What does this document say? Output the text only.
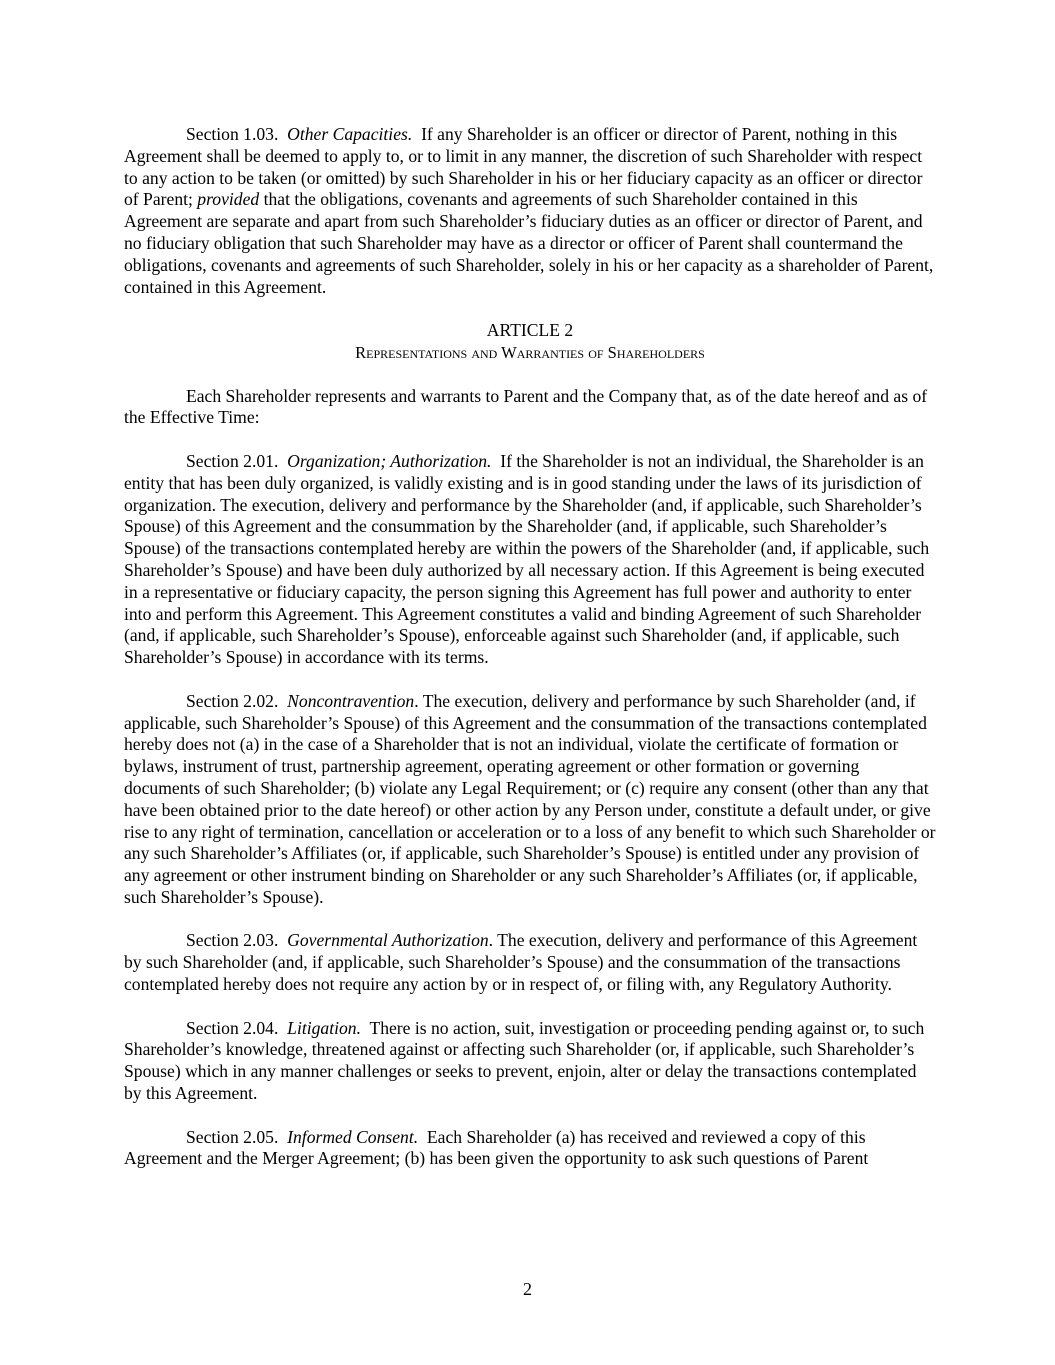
Section 1.03. Other Capacities. If any Shareholder is an officer or director of Parent, nothing in this Agreement shall be deemed to apply to, or to limit in any manner, the discretion of such Shareholder with respect to any action to be taken (or omitted) by such Shareholder in his or her fiduciary capacity as an officer or director of Parent; provided that the obligations, covenants and agreements of such Shareholder contained in this Agreement are separate and apart from such Shareholder’s fiduciary duties as an officer or director of Parent, and no fiduciary obligation that such Shareholder may have as a director or officer of Parent shall countermand the obligations, covenants and agreements of such Shareholder, solely in his or her capacity as a shareholder of Parent, contained in this Agreement.

ARTICLE 2

Representations and Warranties of Shareholders

Each Shareholder represents and warrants to Parent and the Company that, as of the date hereof and as of the Effective Time:

Section 2.01. Organization; Authorization. If the Shareholder is not an individual, the Shareholder is an entity that has been duly organized, is validly existing and is in good standing under the laws of its jurisdiction of organization. The execution, delivery and performance by the Shareholder (and, if applicable, such Shareholder’s Spouse) of this Agreement and the consummation by the Shareholder (and, if applicable, such Shareholder’s Spouse) of the transactions contemplated hereby are within the powers of the Shareholder (and, if applicable, such Shareholder’s Spouse) and have been duly authorized by all necessary action. If this Agreement is being executed in a representative or fiduciary capacity, the person signing this Agreement has full power and authority to enter into and perform this Agreement. This Agreement constitutes a valid and binding Agreement of such Shareholder (and, if applicable, such Shareholder’s Spouse), enforceable against such Shareholder (and, if applicable, such Shareholder’s Spouse) in accordance with its terms.

Section 2.02. Noncontravention. The execution, delivery and performance by such Shareholder (and, if applicable, such Shareholder’s Spouse) of this Agreement and the consummation of the transactions contemplated hereby does not (a) in the case of a Shareholder that is not an individual, violate the certificate of formation or bylaws, instrument of trust, partnership agreement, operating agreement or other formation or governing documents of such Shareholder; (b) violate any Legal Requirement; or (c) require any consent (other than any that have been obtained prior to the date hereof) or other action by any Person under, constitute a default under, or give rise to any right of termination, cancellation or acceleration or to a loss of any benefit to which such Shareholder or any such Shareholder’s Affiliates (or, if applicable, such Shareholder’s Spouse) is entitled under any provision of any agreement or other instrument binding on Shareholder or any such Shareholder’s Affiliates (or, if applicable, such Shareholder’s Spouse).

Section 2.03. Governmental Authorization. The execution, delivery and performance of this Agreement by such Shareholder (and, if applicable, such Shareholder’s Spouse) and the consummation of the transactions contemplated hereby does not require any action by or in respect of, or filing with, any Regulatory Authority.

Section 2.04. Litigation. There is no action, suit, investigation or proceeding pending against or, to such Shareholder’s knowledge, threatened against or affecting such Shareholder (or, if applicable, such Shareholder’s Spouse) which in any manner challenges or seeks to prevent, enjoin, alter or delay the transactions contemplated by this Agreement.

Section 2.05. Informed Consent. Each Shareholder (a) has received and reviewed a copy of this Agreement and the Merger Agreement; (b) has been given the opportunity to ask such questions of Parent

2
